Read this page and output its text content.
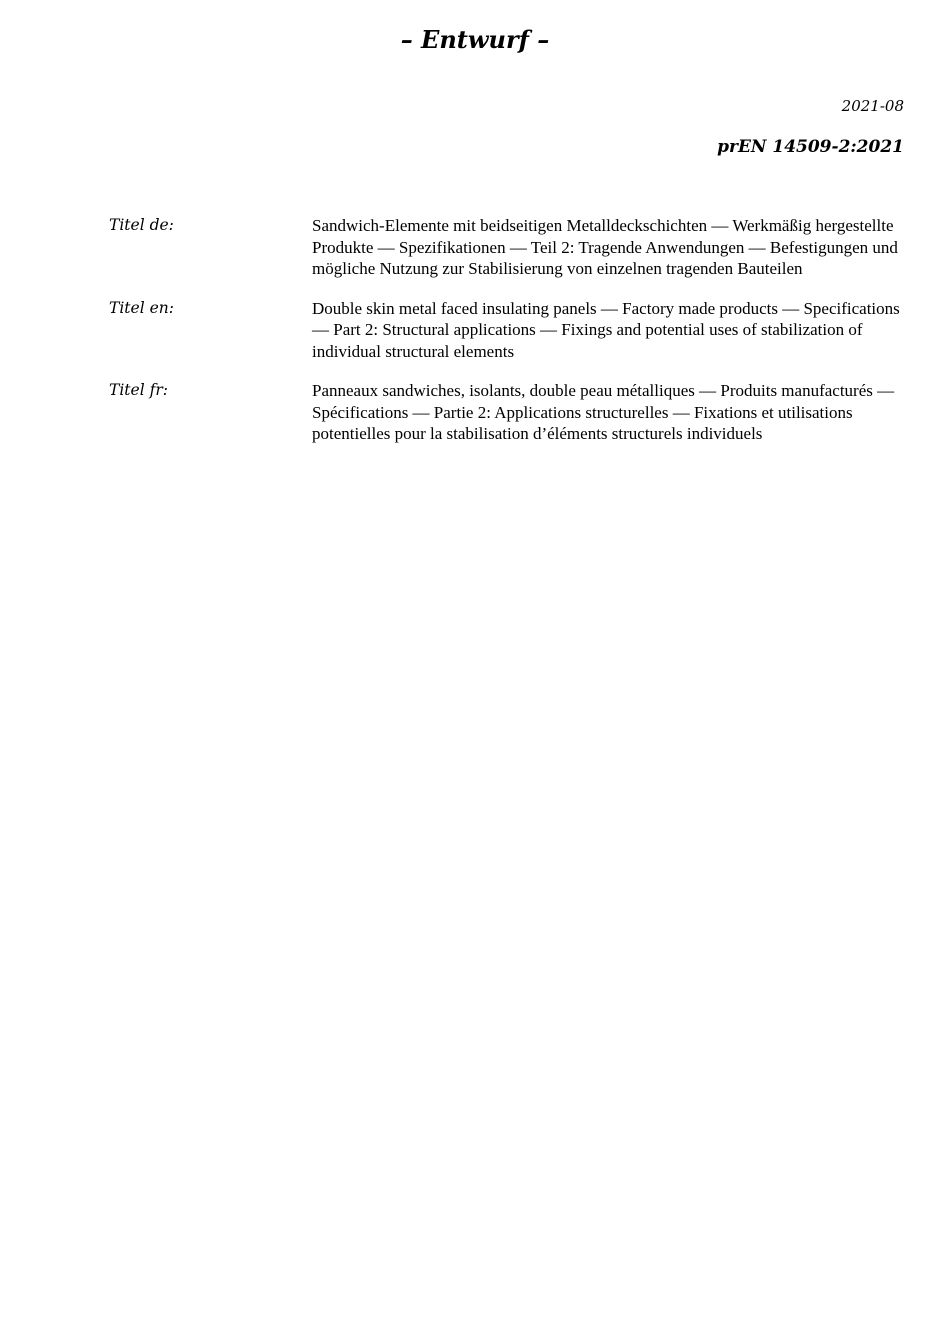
– Entwurf –
2021-08
prEN 14509-2:2021
Titel de:	Sandwich-Elemente mit beidseitigen Metalldeckschichten — Werkmäßig hergestellte Produkte — Spezifikationen — Teil 2: Tragende Anwendungen — Befestigungen und mögliche Nutzung zur Stabilisierung von einzelnen tragenden Bauteilen
Titel en:	Double skin metal faced insulating panels — Factory made products — Specifications — Part 2: Structural applications — Fixings and potential uses of stabilization of individual structural elements
Titel fr:	Panneaux sandwiches, isolants, double peau métalliques — Produits manufacturés — Spécifications — Partie 2: Applications structurelles — Fixations et utilisations potentielles pour la stabilisation d’éléments structurels individuels
